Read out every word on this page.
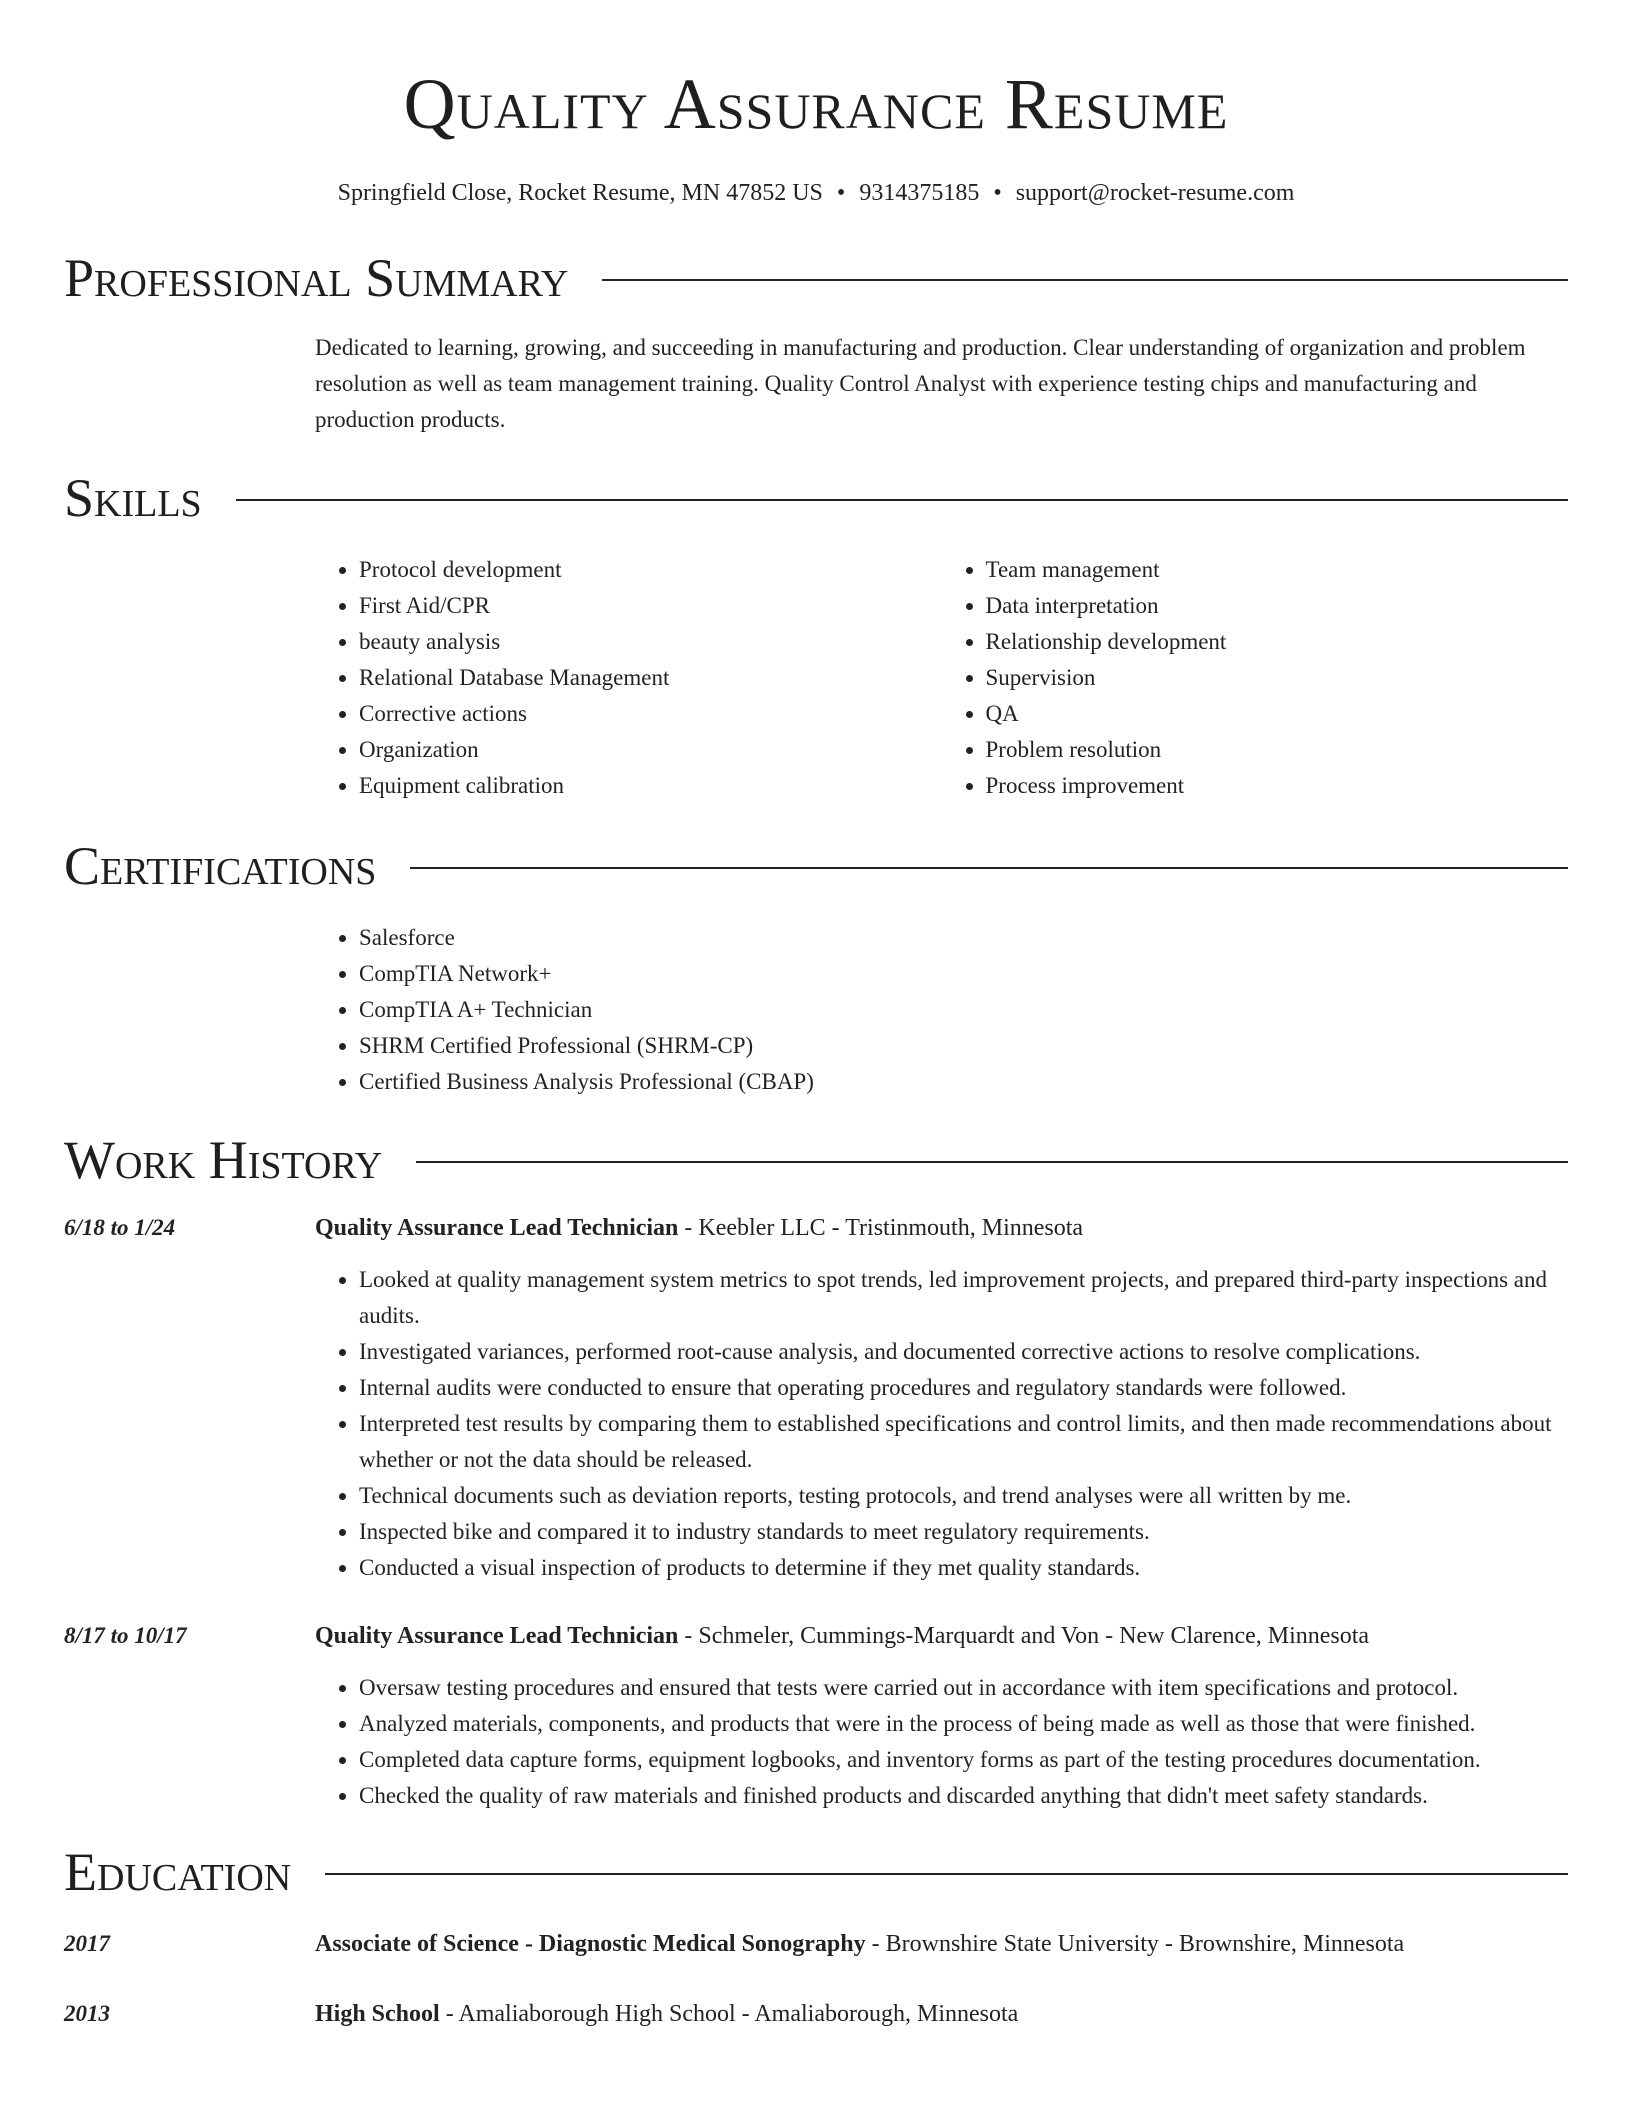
Quality Assurance Resume
Springfield Close, Rocket Resume, MN 47852 US • 9314375185 • support@rocket-resume.com
Professional Summary

Dedicated to learning, growing, and succeeding in manufacturing and production. Clear understanding of organization and problem resolution as well as team management training. Quality Control Analyst with experience testing chips and manufacturing and production products.

Skills
• Protocol development
• First Aid/CPR
• beauty analysis
• Relational Database Management
• Corrective actions
• Organization
• Equipment calibration
• Team management
• Data interpretation
• Relationship development
• Supervision
• QA
• Problem resolution
• Process improvement
Certifications
• Salesforce
• CompTIA Network+
• CompTIA A+ Technician
• SHRM Certified Professional (SHRM-CP)
• Certified Business Analysis Professional (CBAP)
Work History
6/18 to 1/24	Quality Assurance Lead Technician - Keebler LLC - Tristinmouth, Minnesota
• Looked at quality management system metrics to spot trends, led improvement projects, and prepared third-party inspections and audits.
• Investigated variances, performed root-cause analysis, and documented corrective actions to resolve complications.
• Internal audits were conducted to ensure that operating procedures and regulatory standards were followed.
• Interpreted test results by comparing them to established specifications and control limits, and then made recommendations about whether or not the data should be released.
• Technical documents such as deviation reports, testing protocols, and trend analyses were all written by me.
• Inspected bike and compared it to industry standards to meet regulatory requirements.
• Conducted a visual inspection of products to determine if they met quality standards.
8/17 to 10/17	Quality Assurance Lead Technician - Schmeler, Cummings-Marquardt and Von - New Clarence, Minnesota
• Oversaw testing procedures and ensured that tests were carried out in accordance with item specifications and protocol.
• Analyzed materials, components, and products that were in the process of being made as well as those that were finished.
• Completed data capture forms, equipment logbooks, and inventory forms as part of the testing procedures documentation.
• Checked the quality of raw materials and finished products and discarded anything that didn't meet safety standards.
Education
2017	Associate of Science - Diagnostic Medical Sonography - Brownshire State University - Brownshire, Minnesota
2013	High School - Amaliaborough High School - Amaliaborough, Minnesota
